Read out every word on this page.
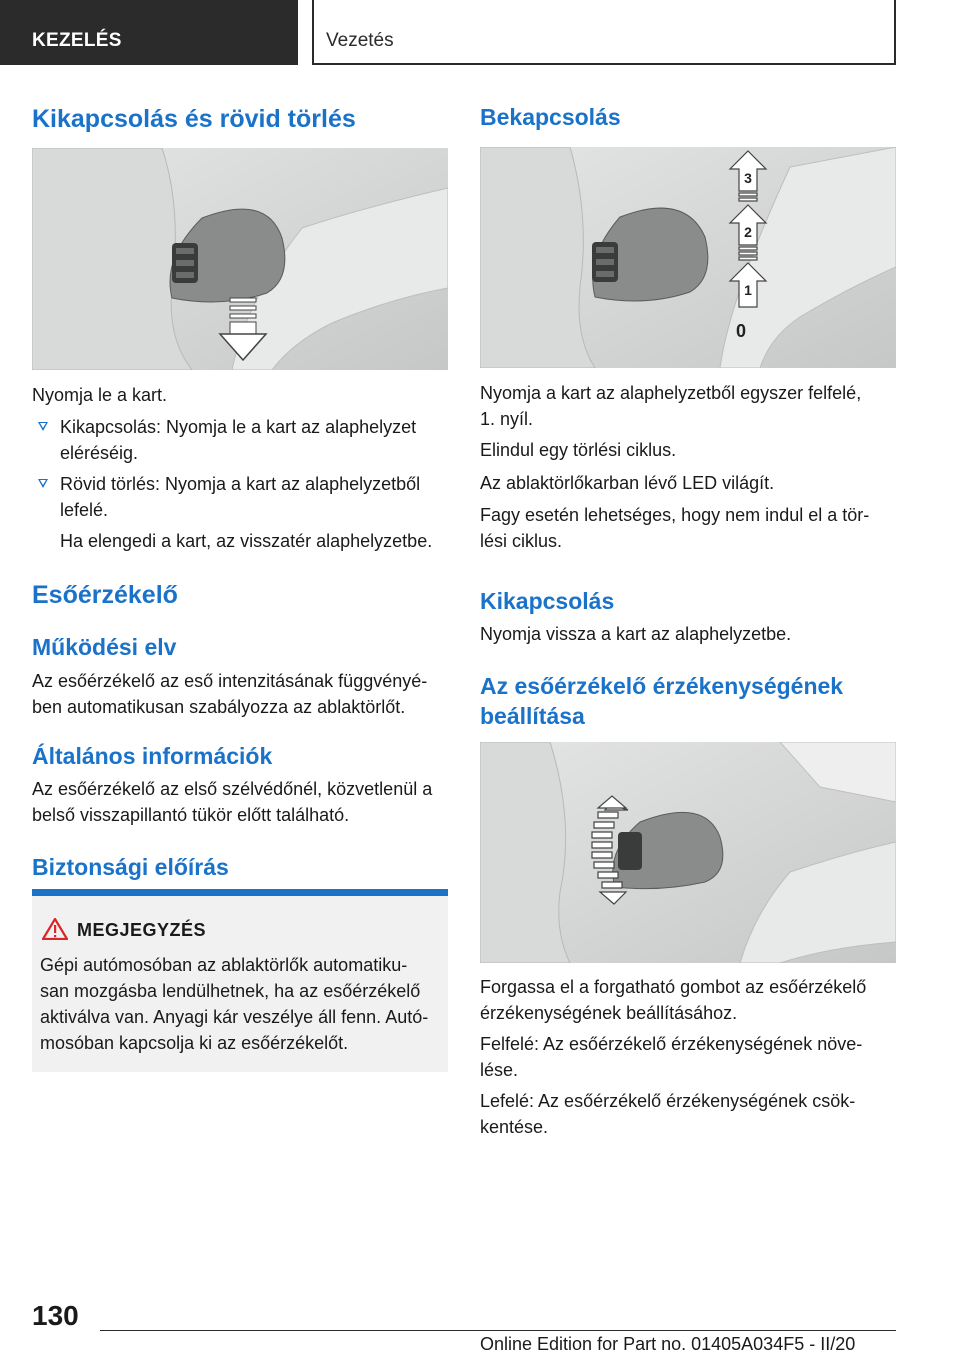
KEZELÉS	Vezetés
Kikapcsolás és rövid törlés
Nyomja le a kart.
Kikapcsolás: Nyomja le a kart az alaphelyzet
eléréséig.
Rövid törlés: Nyomja a kart az alaphelyzetből
lefelé.
Ha elengedi a kart, az visszatér alaphelyzetbe.
Esőérzékelő
Működési elv
Az esőérzékelő az eső intenzitásának függvényé-
ben automatikusan szabályozza az ablaktörlőt.
Általános információk
Az esőérzékelő az első szélvédőnél, közvetlenül a
belső visszapillantó tükör előtt található.
Biztonsági előírás
MEGJEGYZÉS
Gépi autómosóban az ablaktörlők automatiku-
san mozgásba lendülhetnek, ha az esőérzékelő
aktiválva van. Anyagi kár veszélye áll fenn. Autó-
mosóban kapcsolja ki az esőérzékelőt.
Bekapcsolás
3
2
1
0
Nyomja a kart az alaphelyzetből egyszer felfelé,
1. nyíl.
Elindul egy törlési ciklus.
Az ablaktörlőkarban lévő LED világít.
Fagy esetén lehetséges, hogy nem indul el a tör-
lési ciklus.
Kikapcsolás
Nyomja vissza a kart az alaphelyzetbe.
Az esőérzékelő érzékenységének
beállítása
Forgassa el a forgatható gombot az esőérzékelő
érzékenységének beállításához.
Felfelé: Az esőérzékelő érzékenységének növe-
lése.
Lefelé: Az esőérzékelő érzékenységének csök-
kentése.
130
Online Edition for Part no. 01405A034F5 - II/20
